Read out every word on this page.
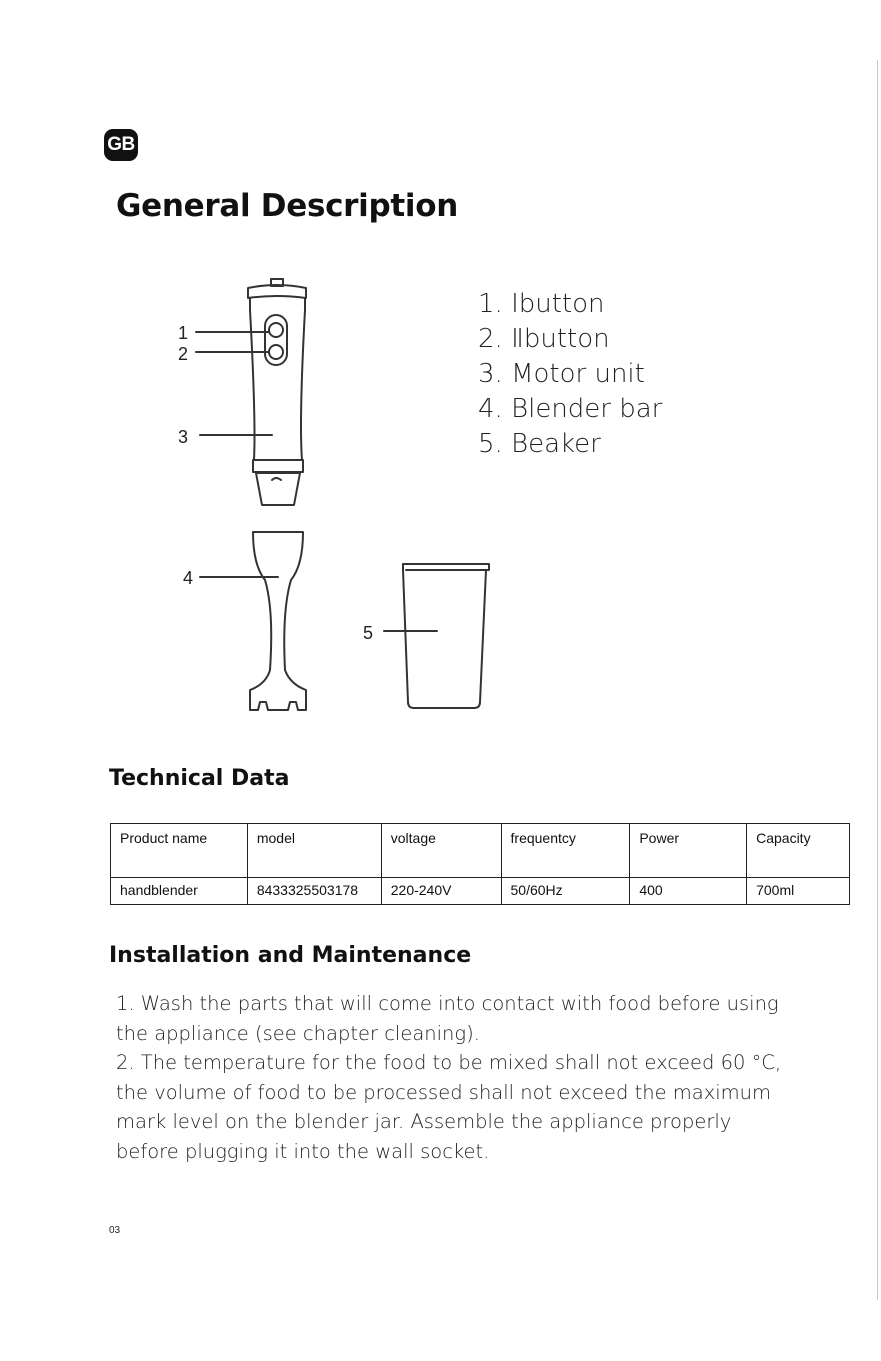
GB
General Description
1
2
3
4
5
1. Ⅰbutton
2. Ⅱbutton
3. Motor unit
4. Blender bar
5. Beaker
Technical Data
Product name	model	voltage	frequentcy	Power	Capacity
handblender	8433325503178	220-240V	50/60Hz	400	700ml
Installation and Maintenance

1. Wash the parts that will come into contact with food before using the appliance (see chapter cleaning).

2. The temperature for the food to be mixed shall not exceed 60 °C, the volume of food to be processed shall not exceed the maximum mark level on the blender jar. Assemble the appliance properly before plugging it into the wall socket.

03
